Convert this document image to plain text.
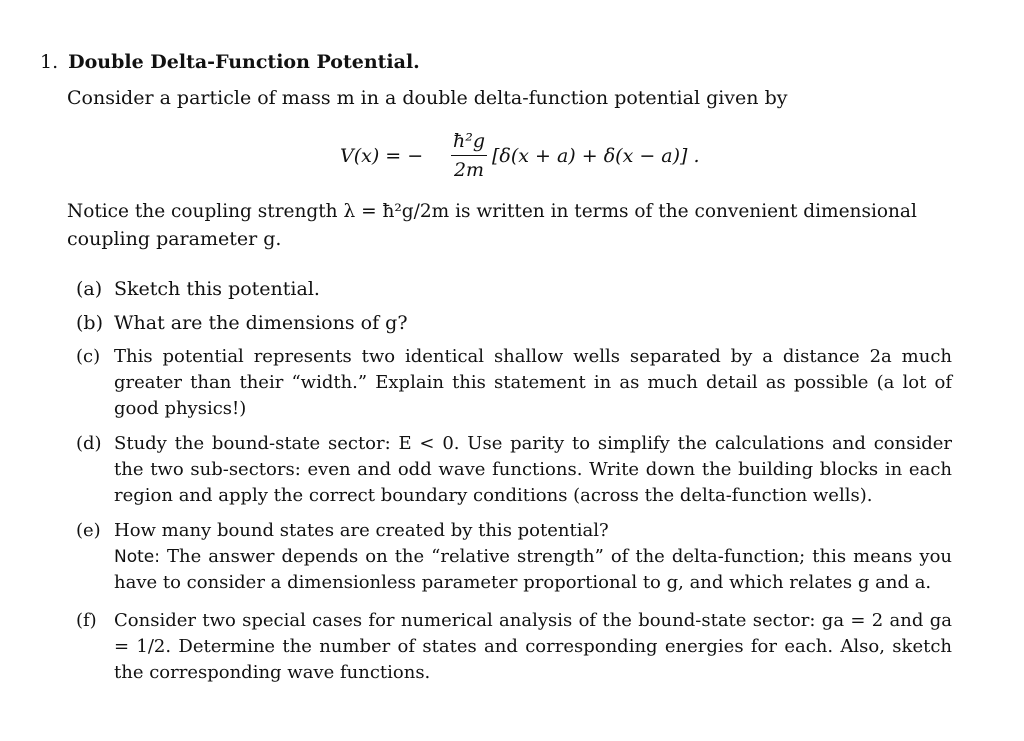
1. Double Delta-Function Potential.
Consider a particle of mass m in a double delta-function potential given by
V(x) = −
ħ²g
2m
[δ(x + a) + δ(x − a)] .
Notice the coupling strength λ = ħ²g/2m is written in terms of the convenient dimensional
coupling parameter g.
(a) Sketch this potential.
(b) What are the dimensions of g?
(c) This potential represents two identical shallow wells separated by a distance 2a much greater than their “width.” Explain this statement in as much detail as possible (a lot of good physics!)
(d) Study the bound-state sector: E < 0. Use parity to simplify the calculations and consider the two sub-sectors: even and odd wave functions. Write down the building blocks in each region and apply the correct boundary conditions (across the delta-function wells).
(e) How many bound states are created by this potential?
Note: The answer depends on the “relative strength” of the delta-function; this means you have to consider a dimensionless parameter proportional to g, and which relates g and a.
(f) Consider two special cases for numerical analysis of the bound-state sector: ga = 2 and ga = 1/2. Determine the number of states and corresponding energies for each. Also, sketch the corresponding wave functions.
